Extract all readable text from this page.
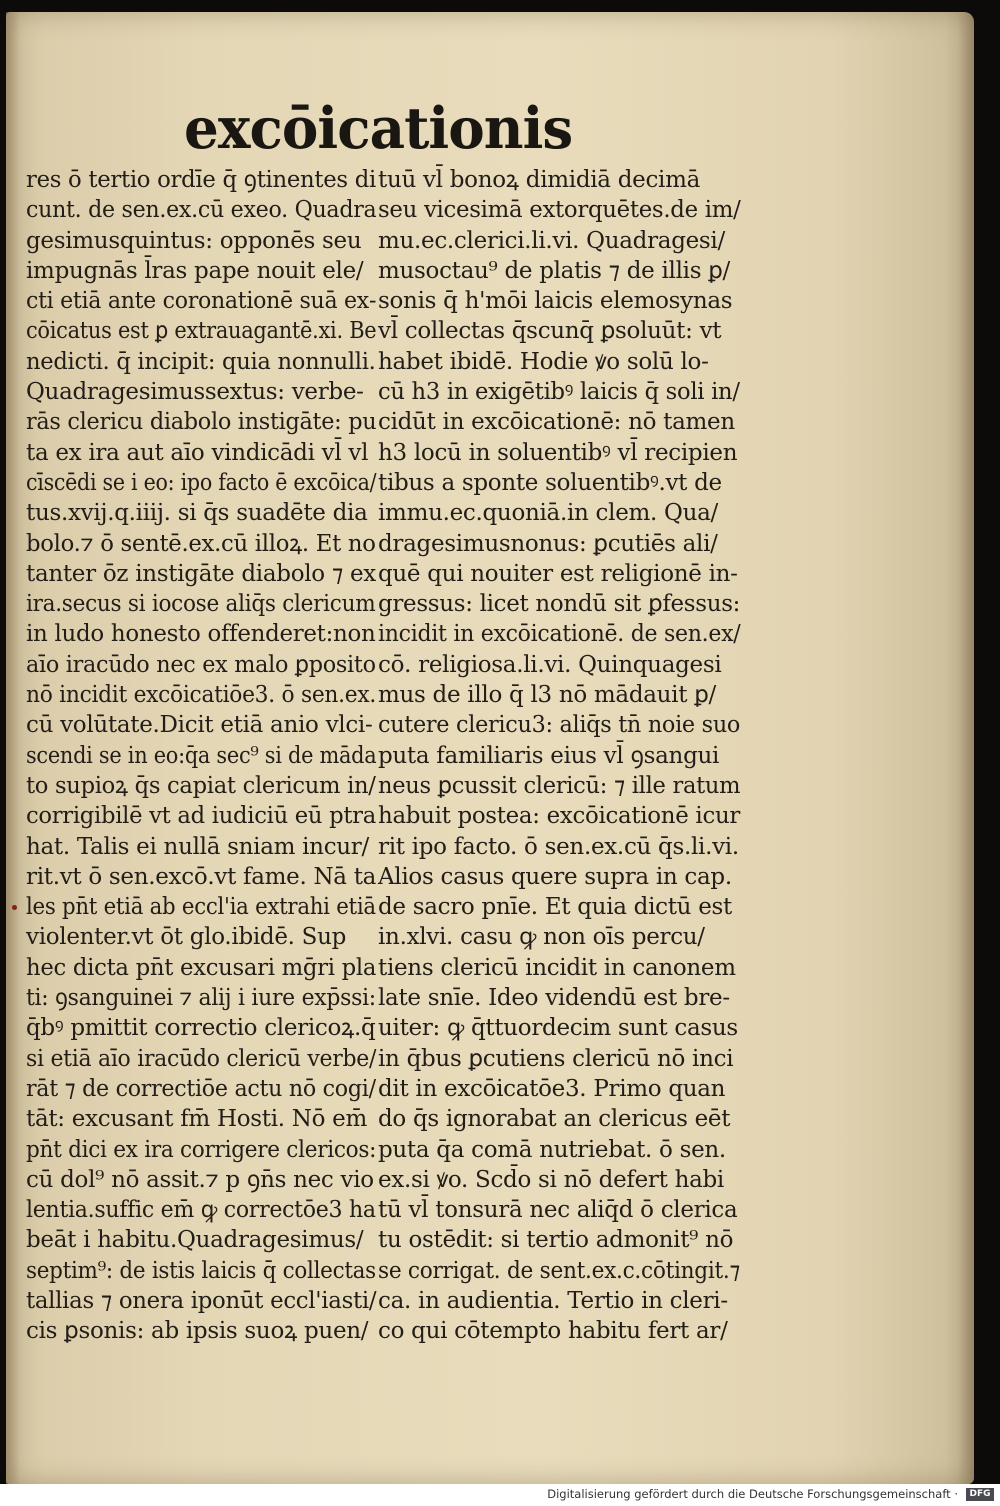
excōicationis
res ō tertio ordīe q̄ ꝯtinentes di
cunt. de sen.ex.cū exeo. Quadra
gesimusquintus: opponēs seu
impugnās l̄ras pape nouit ele/
cti etiā ante coronationē suā ex‑
cōicatus est ꝑ extrauagantē.xi. Be
nedicti. q̄ incipit: quia nonnulli.
Quadragesimussextus: verbe‑
rās clericu diabolo instigāte: pu
ta ex ira aut aīo vindicādi vl̄ vl
cīscēdi se i eo: ipo facto ē excōica/
tus.xvij.q.iiij. si q̄s suadēte dia
bolo.⁊ ō sentē.ex.cū illoꝝ. Et no
tanter ōz instigāte diabolo ⁊ ex
ira.secus si iocose aliq̄s clericum
in ludo honesto offenderet:non
aīo iracūdo nec ex malo ꝑposito
nō incidit excōicatiōe3. ō sen.ex.
cū volūtate.Dicit etiā anio vlci‑
scendi se in eo:q̄a sec⁹ si de māda
to supioꝝ q̄s capiat clericum in/
corrigibilē vt ad iudiciū eū ptra
hat. Talis ei nullā sniam incur/
rit.vt ō sen.excō.vt fame. Nā ta
les pn̄t etiā ab eccl'ia extrahi etiā
violenter.vt ōt glo.ibidē. Sup
hec dicta pn̄t excusari mḡri pla
ti: ꝯsanguinei ⁊ alij i iure exp̄ssi:
q̄bꝰ pmittit correctio clericoꝝ.q̄
si etiā aīo iracūdo clericū verbe/
rāt ⁊ de correctiōe actu nō cogi/
tāt: excusant fm̄ Hosti. Nō em̄
pn̄t dici ex ira corrigere clericos:
cū dol⁹ nō assit.⁊ p ꝯn̄s nec vio
lentia.suffic em̄ ꝙ correctōe3 ha
beāt i habitu.Quadragesimus/
septim⁹: de istis laicis q̄ collectas
tallias ⁊ onera iponūt eccl'iasti/
cis ꝑsonis: ab ipsis suoꝝ puen/
tuū vl̄ bonoꝝ dimidiā decimā
seu vicesimā extorquētes.de im/
mu.ec.clerici.li.vi. Quadragesi/
musoctau⁹ de platis ⁊ de illis ꝑ/
sonis q̄ h'mōi laicis elemosynas
vl̄ collectas q̄scunq̄ ꝑsoluūt: vt
habet ibidē. Hodie ꝟo solū lo‑
cū h3 in exigētibꝰ laicis q̄ soli in/
cidūt in excōicationē: nō tamen
h3 locū in soluentibꝰ vl̄ recipien
tibus a sponte soluentibꝰ.vt de
immu.ec.quoniā.in clem. Qua/
dragesimusnonus: ꝑcutiēs ali/
quē qui nouiter est religionē in‑
gressus: licet nondū sit ꝑfessus:
incidit in excōicationē. de sen.ex/
cō. religiosa.li.vi. Quinquagesi
mus de illo q̄ l3 nō mādauit ꝑ/
cutere clericu3: aliq̄s tn̄ noie suo
puta familiaris eius vl̄ ꝯsangui
neus ꝑcussit clericū: ⁊ ille ratum
habuit postea: excōicationē icur
rit ipo facto. ō sen.ex.cū q̄s.li.vi.
Alios casus quere supra in cap.
de sacro pnīe. Et quia dictū est
in.xlvi. casu ꝙ non oīs percu/
tiens clericū incidit in canonem
late snīe. Ideo videndū est bre‑
uiter: ꝙ q̄ttuordecim sunt casus
in q̄bus ꝑcutiens clericū nō inci
dit in excōicatōe3. Primo quan
do q̄s ignorabat an clericus eēt
puta q̄a comā nutriebat. ō sen.
ex.si ꝟo. Scd̄o si nō defert habi
tū vl̄ tonsurā nec aliq̄d ō clerica
tu ostēdit: si tertio admonit⁹ nō
se corrigat. de sent.ex.c.cōtingit.⁊
ca. in audientia. Tertio in cleri‑
co qui cōtempto habitu fert ar/
Digitalisierung gefördert durch die Deutsche Forschungsgemeinschaft ·	DFG
